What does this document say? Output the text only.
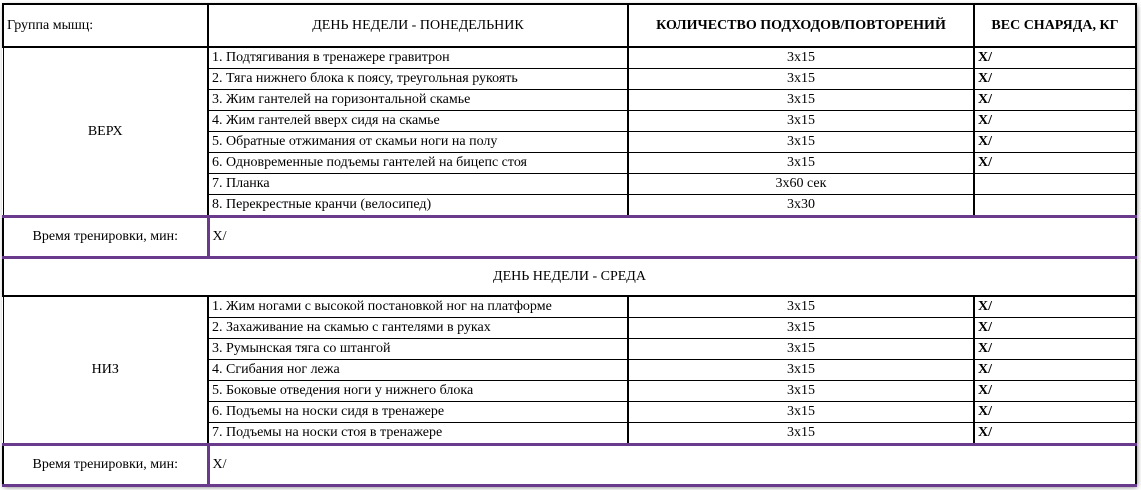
Группа мышц:	ДЕНЬ НЕДЕЛИ - ПОНЕДЕЛЬНИК	КОЛИЧЕСТВО ПОДХОДОВ/ПОВТОРЕНИЙ	ВЕС СНАРЯДА, КГ
ВЕРХ	1. Подтягивания в тренажере гравитрон	3х15	Х/
	2. Тяга нижнего блока к поясу, треугольная рукоять	3х15	Х/
	3. Жим гантелей на горизонтальной скамье	3х15	Х/
	4. Жим гантелей вверх сидя на скамье	3х15	Х/
	5. Обратные отжимания от скамьи ноги на полу	3х15	Х/
	6. Одновременные подъемы гантелей на бицепс стоя	3х15	Х/
	7. Планка	3х60 сек	
	8. Перекрестные кранчи (велосипед)	3х30	
Время тренировки, мин:	Х/		
ДЕНЬ НЕДЕЛИ - СРЕДА			
НИЗ	1. Жим ногами с высокой постановкой ног на платформе	3х15	Х/
	2. Захаживание на скамью с гантелями в руках	3х15	Х/
	3. Румынская тяга со штангой	3х15	Х/
	4. Сгибания ног лежа	3х15	Х/
	5. Боковые отведения ноги у нижнего блока	3х15	Х/
	6. Подъемы на носки сидя в тренажере	3х15	Х/
	7. Подъемы на носки стоя в тренажере	3х15	Х/
Время тренировки, мин:	Х/		
